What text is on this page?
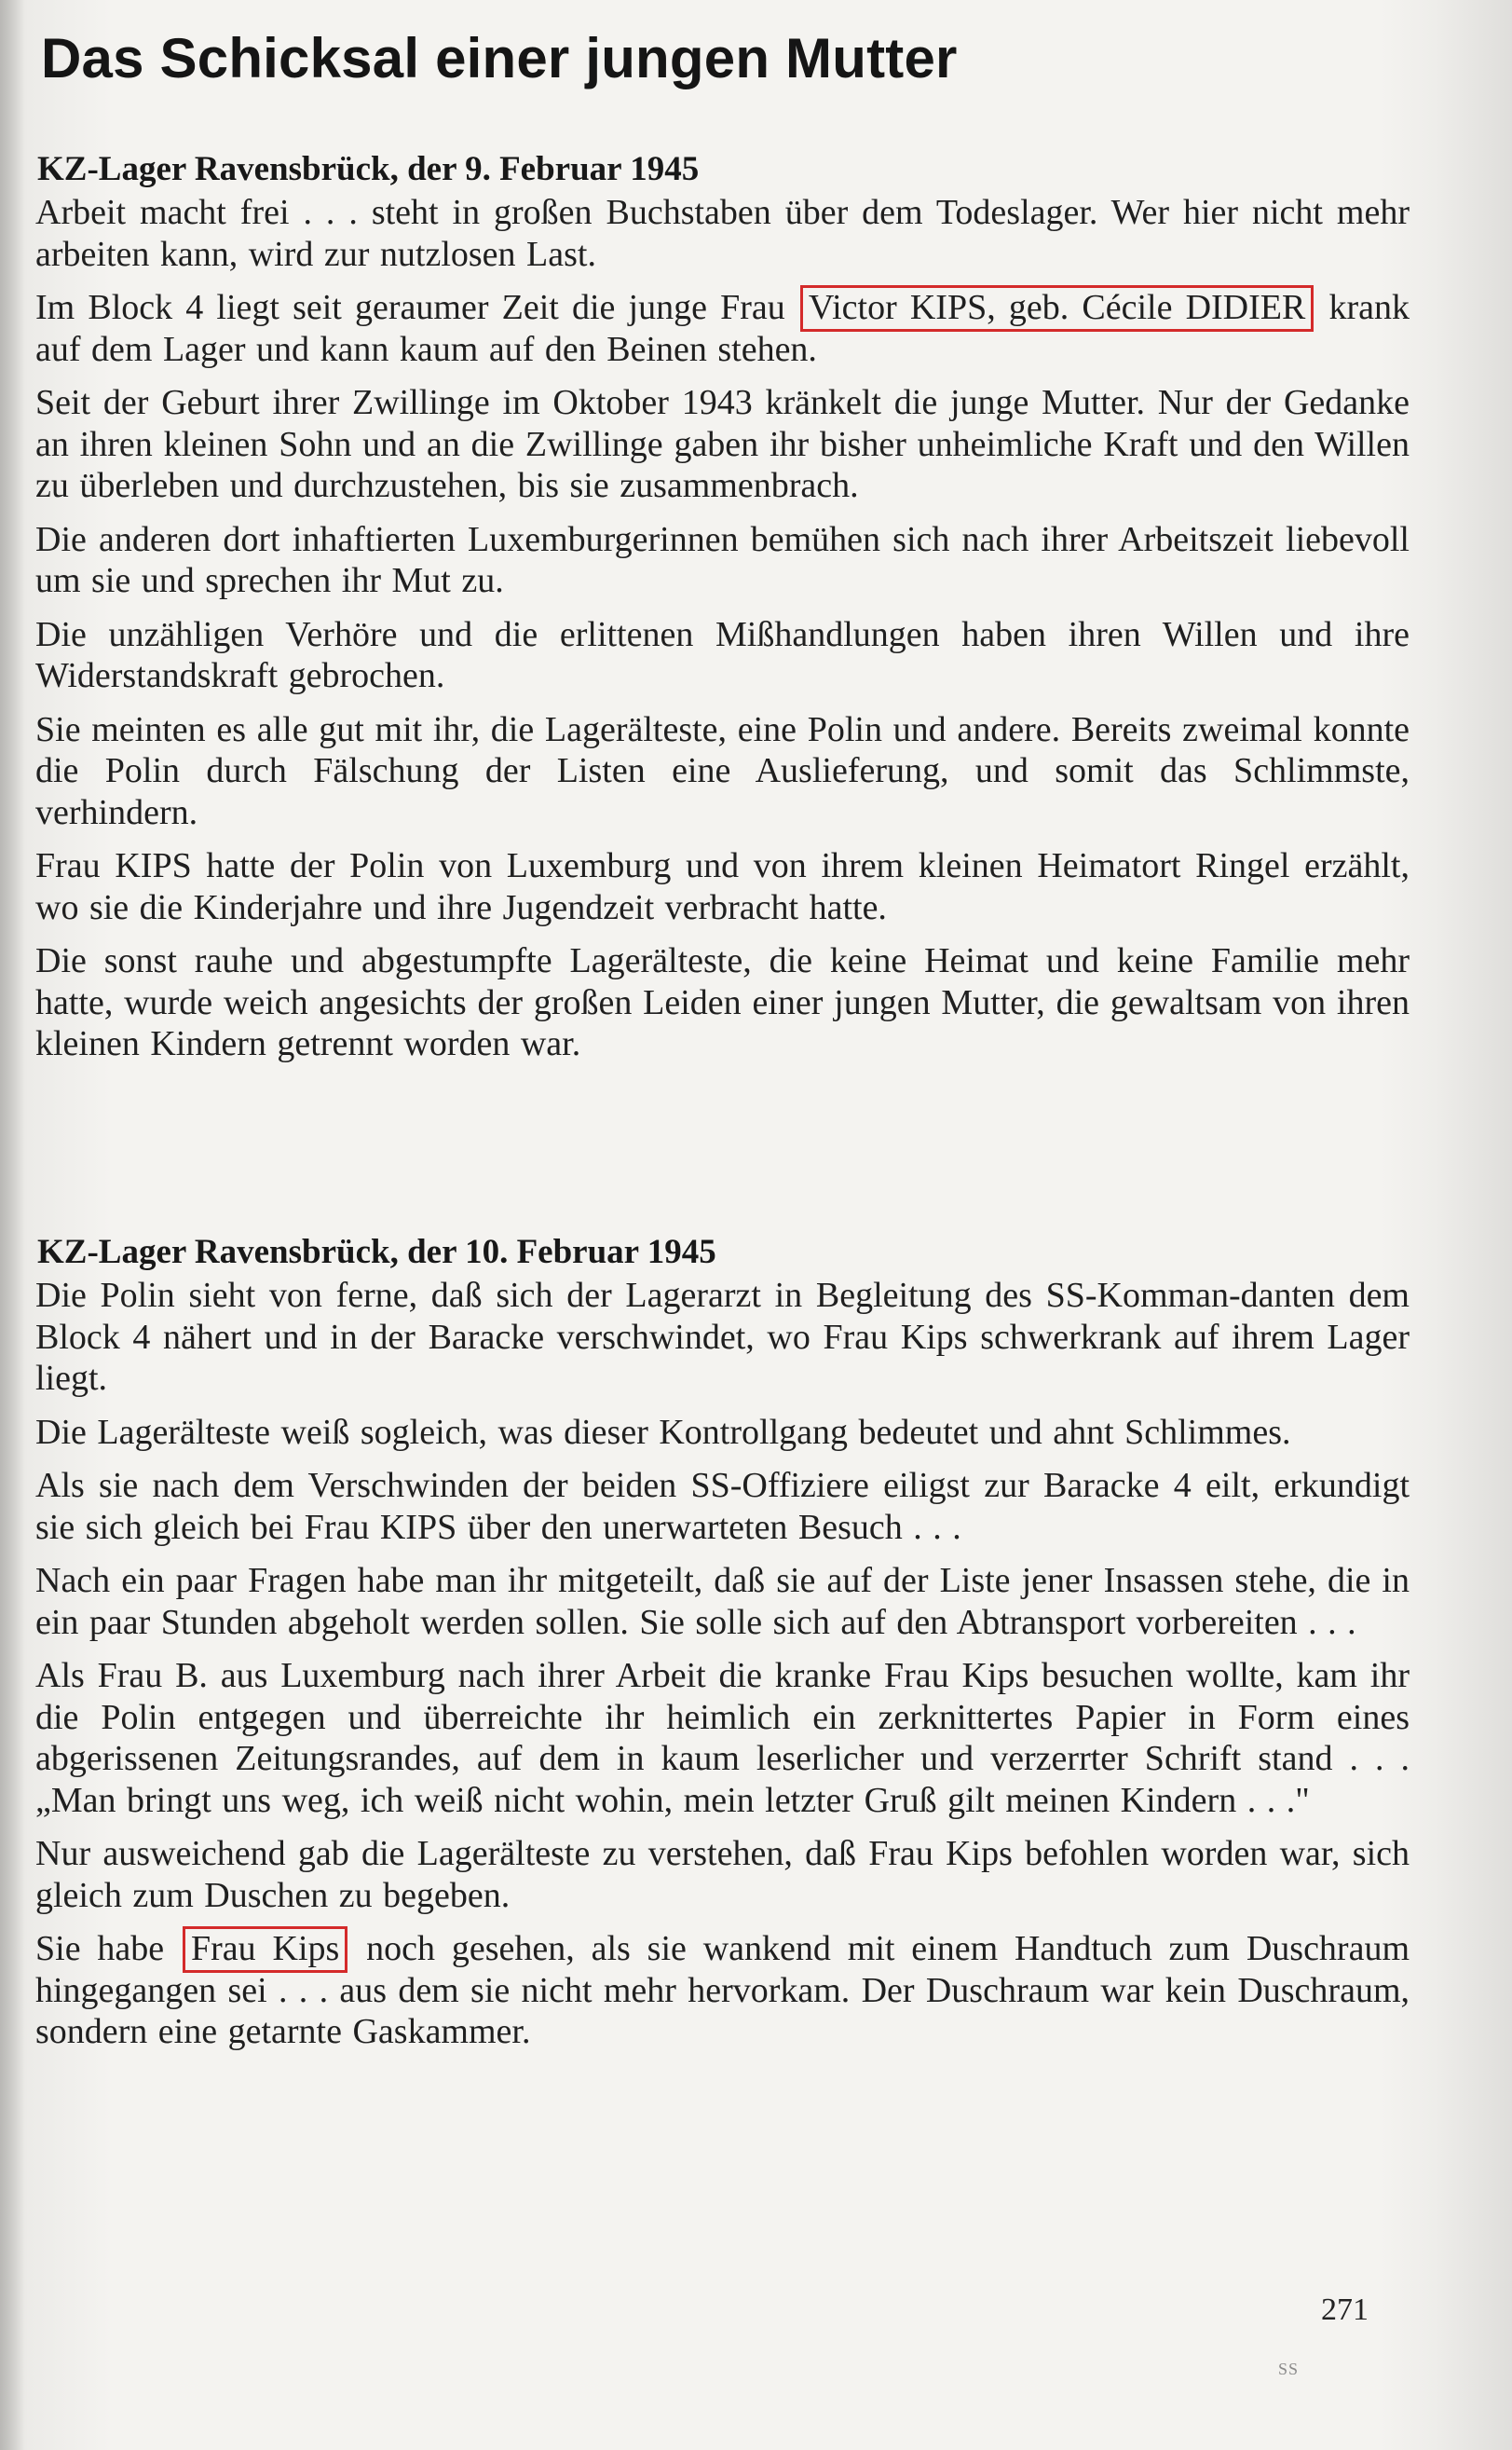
Das Schicksal einer jungen Mutter
KZ-Lager Ravensbrück, der 9. Februar 1945

Arbeit macht frei . . . steht in großen Buchstaben über dem Todeslager. Wer hier nicht mehr arbeiten kann, wird zur nutzlosen Last.

Im Block 4 liegt seit geraumer Zeit die junge Frau Victor KIPS, geb. Cécile DIDIER krank auf dem Lager und kann kaum auf den Beinen stehen.

Seit der Geburt ihrer Zwillinge im Oktober 1943 kränkelt die junge Mutter. Nur der Gedanke an ihren kleinen Sohn und an die Zwillinge gaben ihr bisher unheimliche Kraft und den Willen zu überleben und durchzustehen, bis sie zusammenbrach.

Die anderen dort inhaftierten Luxemburgerinnen bemühen sich nach ihrer Arbeitszeit liebevoll um sie und sprechen ihr Mut zu.

Die unzähligen Verhöre und die erlittenen Mißhandlungen haben ihren Willen und ihre Widerstandskraft gebrochen.

Sie meinten es alle gut mit ihr, die Lagerälteste, eine Polin und andere. Bereits zweimal konnte die Polin durch Fälschung der Listen eine Auslieferung, und somit das Schlimmste, verhindern.

Frau KIPS hatte der Polin von Luxemburg und von ihrem kleinen Heimatort Ringel erzählt, wo sie die Kinderjahre und ihre Jugendzeit verbracht hatte.

Die sonst rauhe und abgestumpfte Lagerälteste, die keine Heimat und keine Familie mehr hatte, wurde weich angesichts der großen Leiden einer jungen Mutter, die gewaltsam von ihren kleinen Kindern getrennt worden war.

KZ-Lager Ravensbrück, der 10. Februar 1945

Die Polin sieht von ferne, daß sich der Lagerarzt in Begleitung des SS-Komman-danten dem Block 4 nähert und in der Baracke verschwindet, wo Frau Kips schwerkrank auf ihrem Lager liegt.

Die Lagerälteste weiß sogleich, was dieser Kontrollgang bedeutet und ahnt Schlimmes.

Als sie nach dem Verschwinden der beiden SS-Offiziere eiligst zur Baracke 4 eilt, erkundigt sie sich gleich bei Frau KIPS über den unerwarteten Besuch . . .

Nach ein paar Fragen habe man ihr mitgeteilt, daß sie auf der Liste jener Insassen stehe, die in ein paar Stunden abgeholt werden sollen. Sie solle sich auf den Abtransport vorbereiten . . .

Als Frau B. aus Luxemburg nach ihrer Arbeit die kranke Frau Kips besuchen wollte, kam ihr die Polin entgegen und überreichte ihr heimlich ein zerknittertes Papier in Form eines abgerissenen Zeitungsrandes, auf dem in kaum leserlicher und verzerrter Schrift stand . . . „Man bringt uns weg, ich weiß nicht wohin, mein letzter Gruß gilt meinen Kindern . . ."

Nur ausweichend gab die Lagerälteste zu verstehen, daß Frau Kips befohlen worden war, sich gleich zum Duschen zu begeben.

Sie habe Frau Kips noch gesehen, als sie wankend mit einem Handtuch zum Duschraum hingegangen sei . . . aus dem sie nicht mehr hervorkam. Der Duschraum war kein Duschraum, sondern eine getarnte Gaskammer.

271
SS
